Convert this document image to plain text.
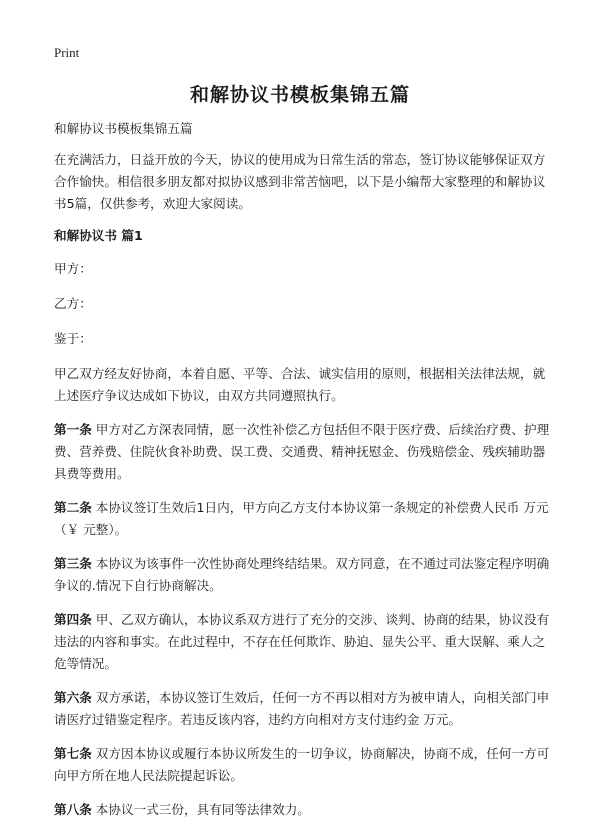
Print
和解协议书模板集锦五篇

和解协议书模板集锦五篇

在充满活力，日益开放的今天，协议的使用成为日常生活的常态，签订协议能够保证双方合作愉快。相信很多朋友都对拟协议感到非常苦恼吧，以下是小编帮大家整理的和解协议书5篇，仅供参考，欢迎大家阅读。

和解协议书 篇1

甲方：

乙方：

鉴于：

甲乙双方经友好协商，本着自愿、平等、合法、诚实信用的原则，根据相关法律法规，就上述医疗争议达成如下协议，由双方共同遵照执行。

第一条 甲方对乙方深表同情，愿一次性补偿乙方包括但不限于医疗费、后续治疗费、护理费、营养费、住院伙食补助费、误工费、交通费、精神抚慰金、伤残赔偿金、残疾辅助器具费等费用。

第二条 本协议签订生效后1日内，甲方向乙方支付本协议第一条规定的补偿费人民币 万元（￥ 元整）。

第三条 本协议为该事件一次性协商处理终结结果。双方同意，在不通过司法鉴定程序明确争议的.情况下自行协商解决。

第四条 甲、乙双方确认，本协议系双方进行了充分的交涉、谈判、协商的结果，协议没有违法的内容和事实。在此过程中，不存在任何欺诈、胁迫、显失公平、重大误解、乘人之危等情况。

第六条 双方承诺，本协议签订生效后，任何一方不再以相对方为被申请人，向相关部门申请医疗过错鉴定程序。若违反该内容，违约方向相对方支付违约金 万元。

第七条 双方因本协议或履行本协议所发生的一切争议，协商解决，协商不成，任何一方可向甲方所在地人民法院提起诉讼。

第八条 本协议一式三份，具有同等法律效力。
